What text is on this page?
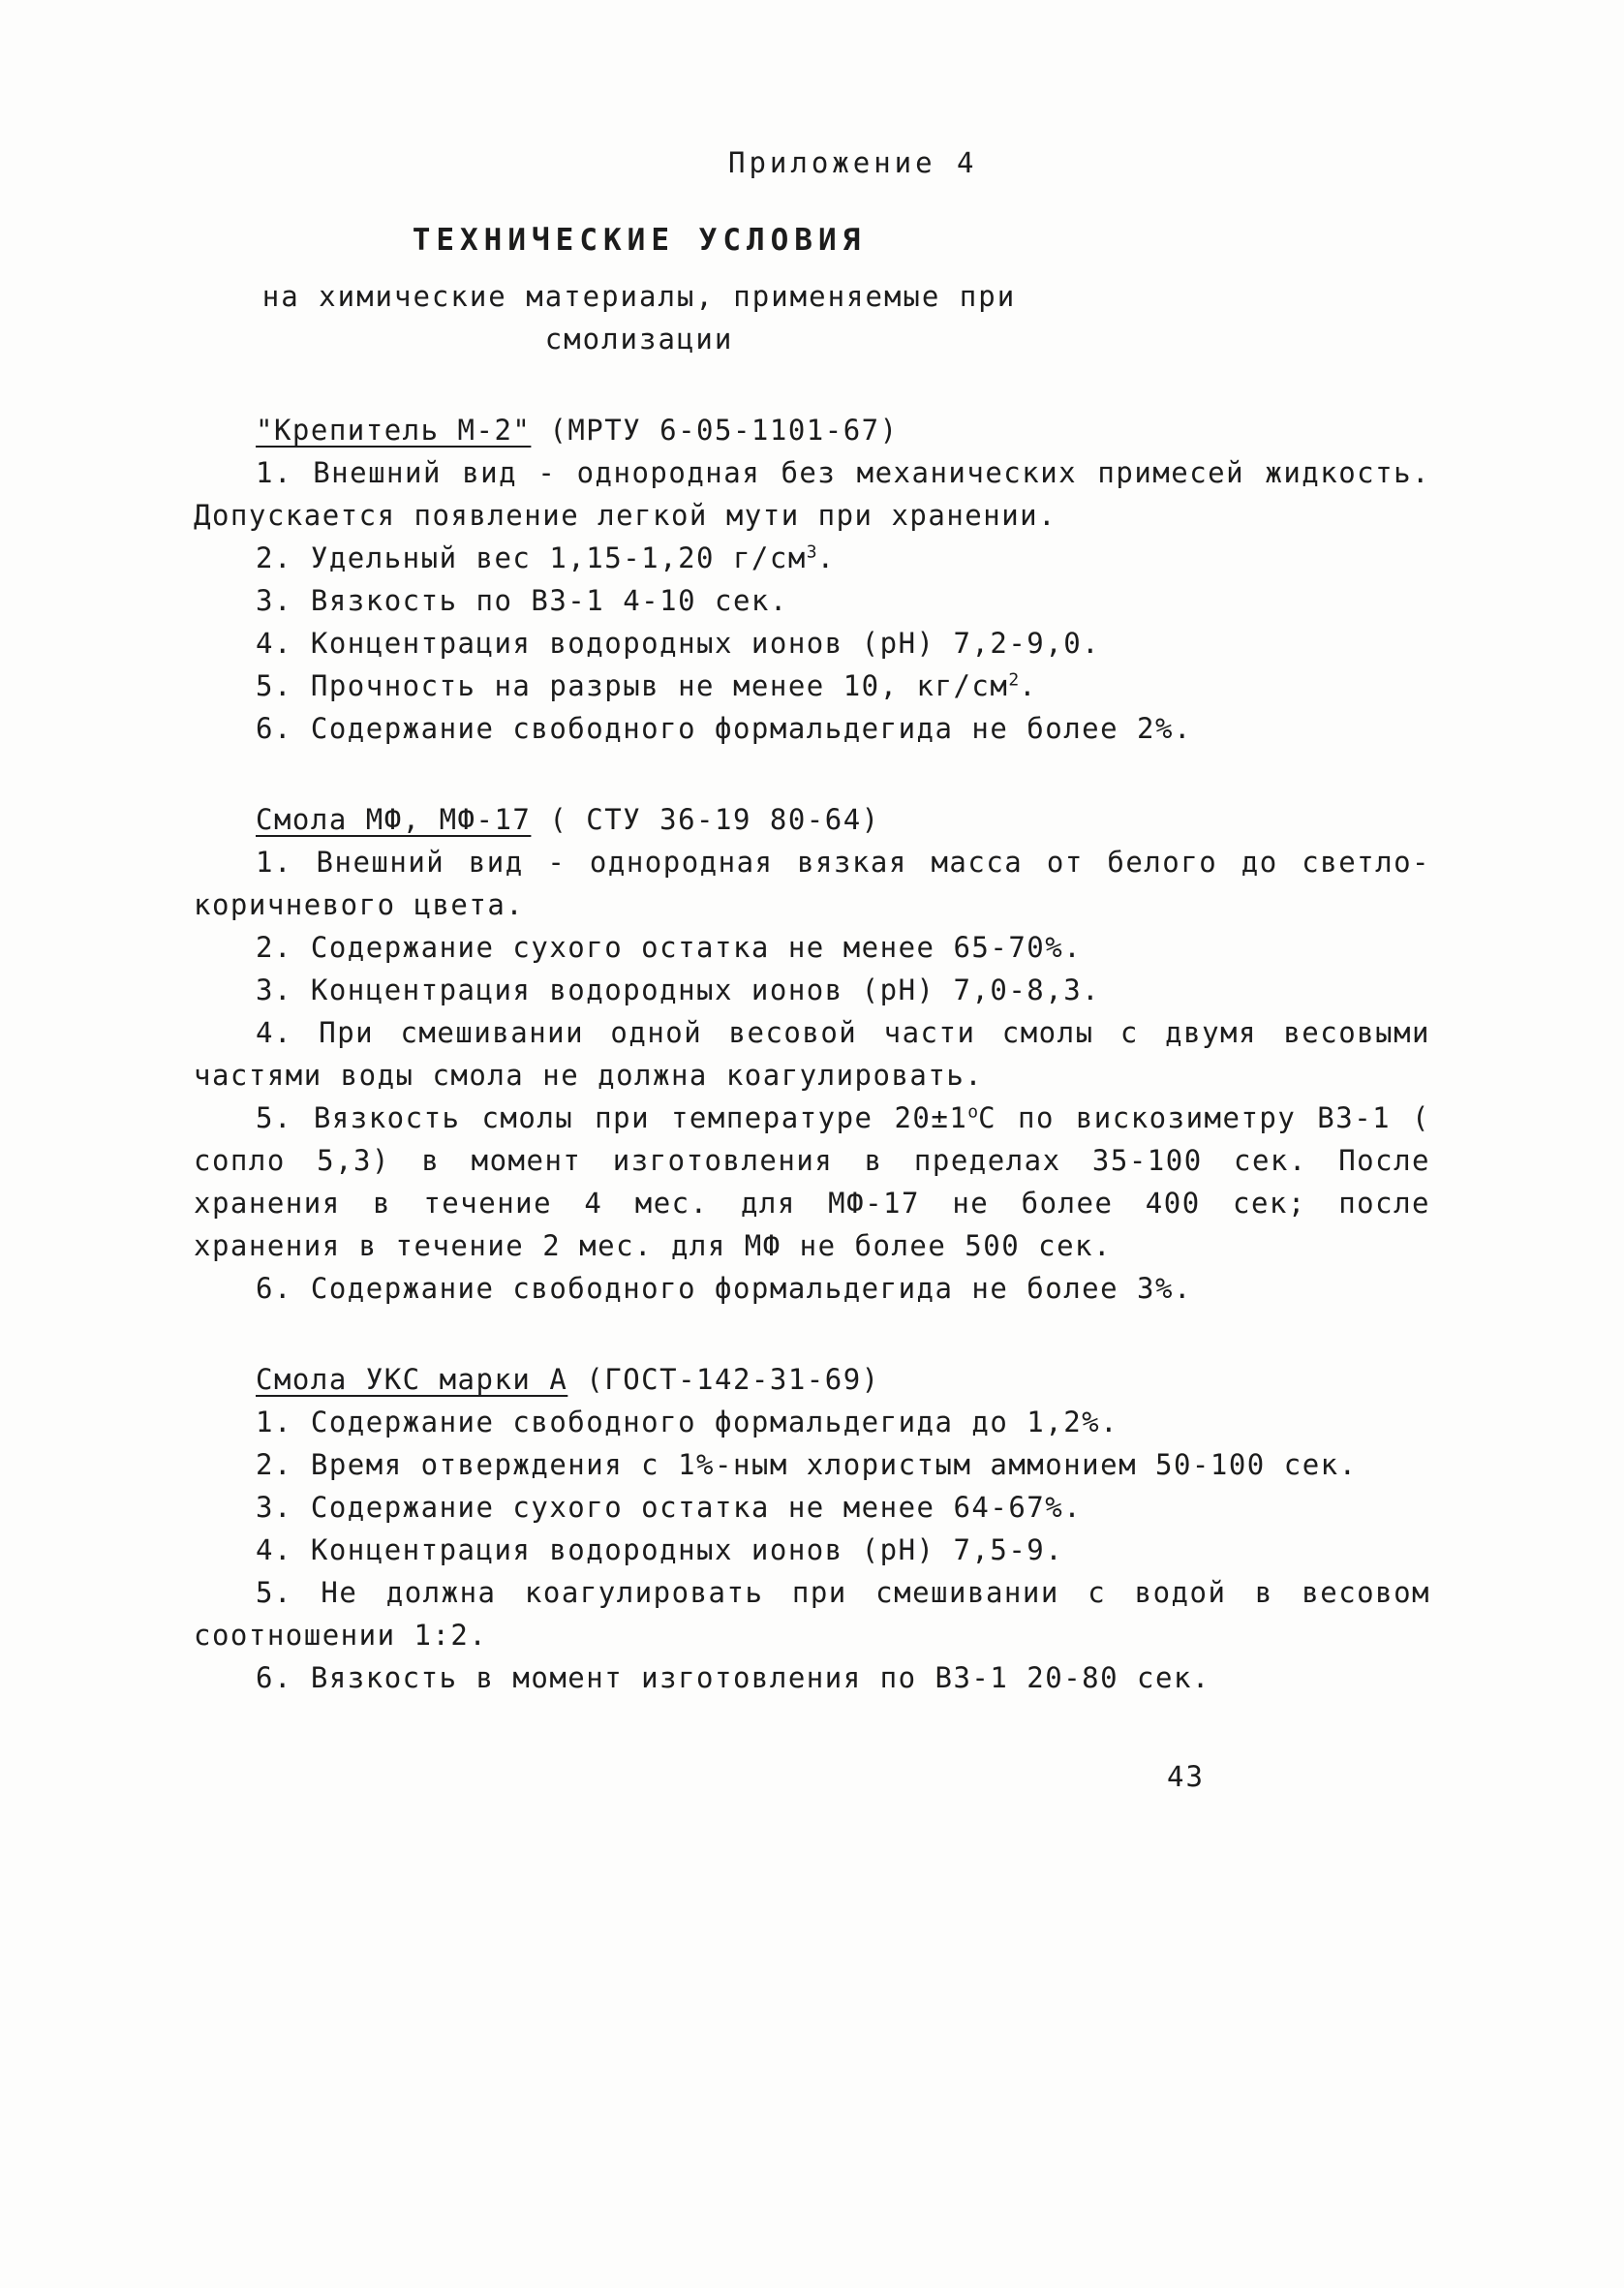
Приложение 4
ТЕХНИЧЕСКИЕ УСЛОВИЯ
на химические материалы, применяемые при
смолизации

"Крепитель М-2" (МРТУ 6-05-1101-67)

1. Внешний вид - однородная без механических примесей жидкость. Допускается появление легкой мути при хранении.

2. Удельный вес 1,15-1,20 $г/см^3$.

3. Вязкость по ВЗ-1 4-10 сек.

4. Концентрация водородных ионов (рН) 7,2-9,0.

5. Прочность на разрыв не менее 10, $кг/см^2$.

6. Содержание свободного формальдегида не более 2%.

Смола МФ, МФ-17 ( СТУ 36-19 80-64)

1. Внешний вид - однородная вязкая масса от белого до светло-коричневого цвета.

2. Содержание сухого остатка не менее 65-70%.

3. Концентрация водородных ионов (рН) 7,0-8,3.

4. При смешивании одной весовой части смолы с двумя весовыми частями воды смола не должна коагулировать.

5. Вязкость смолы при температуре $20\pm 1^оС$ по вискозиметру ВЗ-1 ( сопло 5,3) в момент изготовления в пределах 35-100 сек. После хранения в течение 4 мес. для МФ-17 не более 400 сек; после хранения в течение 2 мес. для МФ не более 500 сек.

6. Содержание свободного формальдегида не более 3%.

Смола УКС марки А (ГОСТ-142-31-69)

1. Содержание свободного формальдегида до 1,2%.

2. Время отверждения с 1%-ным хлористым аммонием 50-100 сек.

3. Содержание сухого остатка не менее 64-67%.

4. Концентрация водородных ионов (рН) 7,5-9.

5. Не должна коагулировать при смешивании с водой в весовом соотношении 1:2.

6. Вязкость в момент изготовления по ВЗ-1 20-80 сек.

43
